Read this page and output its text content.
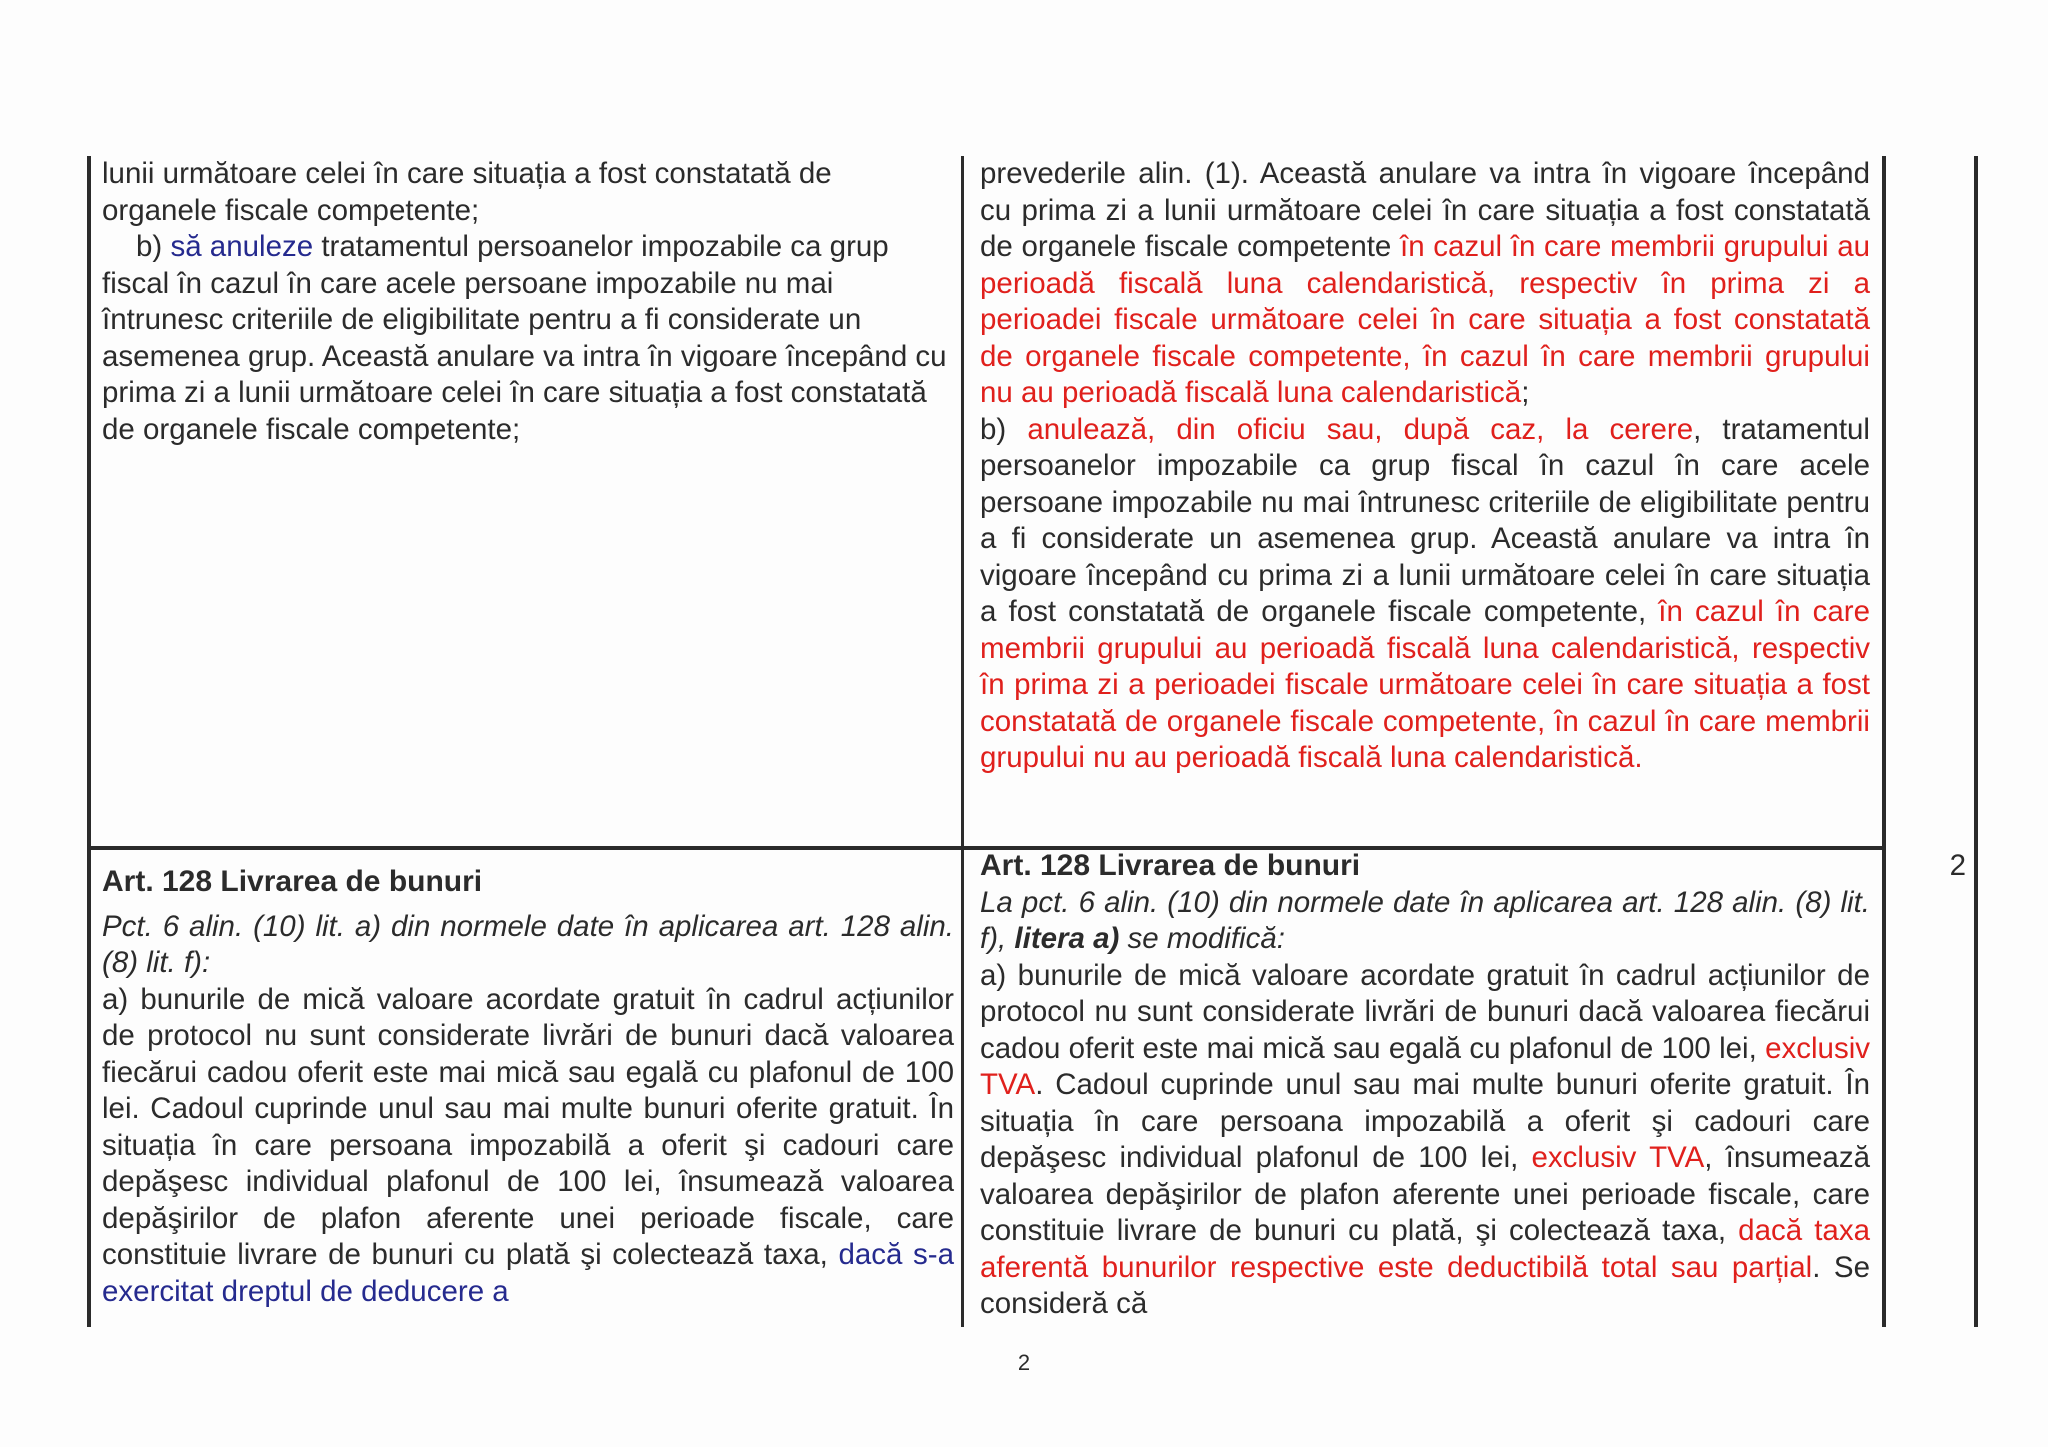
lunii următoare celei în care situația a fost constatată de organele fiscale competente;

b) să anuleze tratamentul persoanelor impozabile ca grup fiscal în cazul în care acele persoane impozabile nu mai întrunesc criteriile de eligibilitate pentru a fi considerate un asemenea grup. Această anulare va intra în vigoare începând cu prima zi a lunii următoare celei în care situația a fost constatată de organele fiscale competente;

prevederile alin. (1). Această anulare va intra în vigoare începând cu prima zi a lunii următoare celei în care situația a fost constatată de organele fiscale competente în cazul în care membrii grupului au perioadă fiscală luna calendaristică, respectiv în prima zi a perioadei fiscale următoare celei în care situația a fost constatată de organele fiscale competente, în cazul în care membrii grupului nu au perioadă fiscală luna calendaristică;

b) anulează, din oficiu sau, după caz, la cerere, tratamentul persoanelor impozabile ca grup fiscal în cazul în care acele persoane impozabile nu mai întrunesc criteriile de eligibilitate pentru a fi considerate un asemenea grup. Această anulare va intra în vigoare începând cu prima zi a lunii următoare celei în care situația a fost constatată de organele fiscale competente, în cazul în care membrii grupului au perioadă fiscală luna calendaristică, respectiv în prima zi a perioadei fiscale următoare celei în care situația a fost constatată de organele fiscale competente, în cazul în care membrii grupului nu au perioadă fiscală luna calendaristică.

Art. 128 Livrarea de bunuri

Pct. 6 alin. (10) lit. a) din normele date în aplicarea art. 128 alin. (8) lit. f):

a) bunurile de mică valoare acordate gratuit în cadrul acțiunilor de protocol nu sunt considerate livrări de bunuri dacă valoarea fiecărui cadou oferit este mai mică sau egală cu plafonul de 100 lei. Cadoul cuprinde unul sau mai multe bunuri oferite gratuit. În situația în care persoana impozabilă a oferit şi cadouri care depăşesc individual plafonul de 100 lei, însumează valoarea depăşirilor de plafon aferente unei perioade fiscale, care constituie livrare de bunuri cu plată şi colectează taxa, dacă s-a exercitat dreptul de deducere a

Art. 128 Livrarea de bunuri

La pct. 6 alin. (10) din normele date în aplicarea art. 128 alin. (8) lit. f), litera a) se modifică:

a) bunurile de mică valoare acordate gratuit în cadrul acțiunilor de protocol nu sunt considerate livrări de bunuri dacă valoarea fiecărui cadou oferit este mai mică sau egală cu plafonul de 100 lei, exclusiv TVA. Cadoul cuprinde unul sau mai multe bunuri oferite gratuit. În situația în care persoana impozabilă a oferit şi cadouri care depăşesc individual plafonul de 100 lei, exclusiv TVA, însumează valoarea depăşirilor de plafon aferente unei perioade fiscale, care constituie livrare de bunuri cu plată, şi colectează taxa, dacă taxa aferentă bunurilor respective este deductibilă total sau parțial. Se consideră că

2
2
